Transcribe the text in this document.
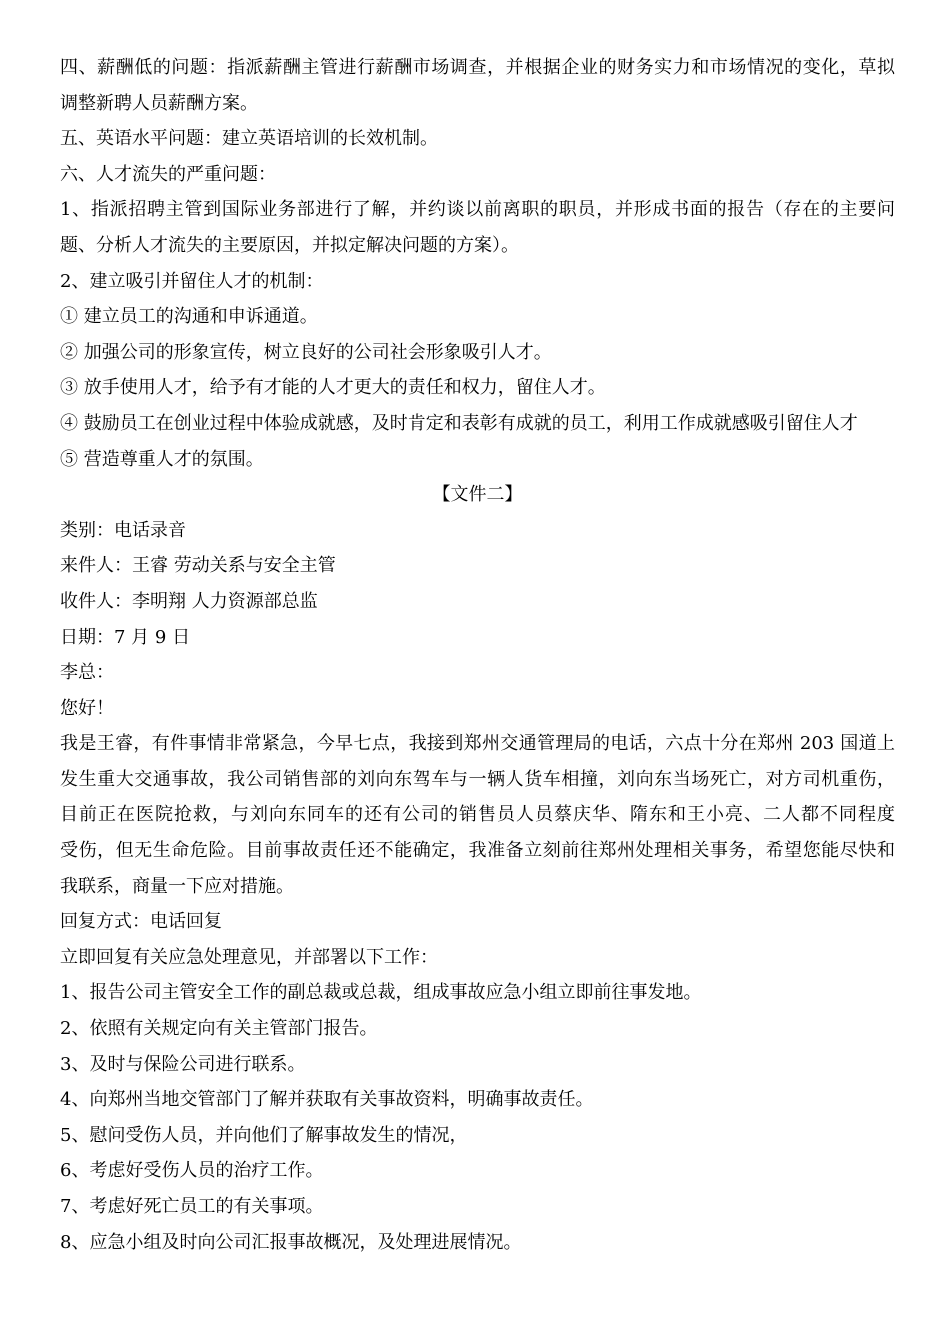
四、薪酬低的问题：指派薪酬主管进行薪酬市场调查，并根据企业的财务实力和市场情况的变化，草拟
调整新聘人员薪酬方案。
五、英语水平问题：建立英语培训的长效机制。
六、人才流失的严重问题：
1、指派招聘主管到国际业务部进行了解，并约谈以前离职的职员，并形成书面的报告（存在的主要问
题、分析人才流失的主要原因，并拟定解决问题的方案）。
2、建立吸引并留住人才的机制：
① 建立员工的沟通和申诉通道。
② 加强公司的形象宣传，树立良好的公司社会形象吸引人才。
③ 放手使用人才，给予有才能的人才更大的责任和权力，留住人才。
④ 鼓励员工在创业过程中体验成就感，及时肯定和表彰有成就的员工，利用工作成就感吸引留住人才
⑤ 营造尊重人才的氛围。
【文件二】
类别：电话录音
来件人：王睿 劳动关系与安全主管
收件人：李明翔 人力资源部总监
日期：7 月 9 日
李总：
您好！
我是王睿，有件事情非常紧急，今早七点，我接到郑州交通管理局的电话，六点十分在郑州 203 国道上
发生重大交通事故，我公司销售部的刘向东驾车与一辆人货车相撞，刘向东当场死亡，对方司机重伤，
目前正在医院抢救，与刘向东同车的还有公司的销售员人员蔡庆华、隋东和王小亮、二人都不同程度
受伤，但无生命危险。目前事故责任还不能确定，我准备立刻前往郑州处理相关事务，希望您能尽快和
我联系，商量一下应对措施。
回复方式：电话回复
立即回复有关应急处理意见，并部署以下工作：
1、报告公司主管安全工作的副总裁或总裁，组成事故应急小组立即前往事发地。
2、依照有关规定向有关主管部门报告。
3、及时与保险公司进行联系。
4、向郑州当地交管部门了解并获取有关事故资料，明确事故责任。
5、慰问受伤人员，并向他们了解事故发生的情况，
6、考虑好受伤人员的治疗工作。
7、考虑好死亡员工的有关事项。
8、应急小组及时向公司汇报事故概况，及处理进展情况。
